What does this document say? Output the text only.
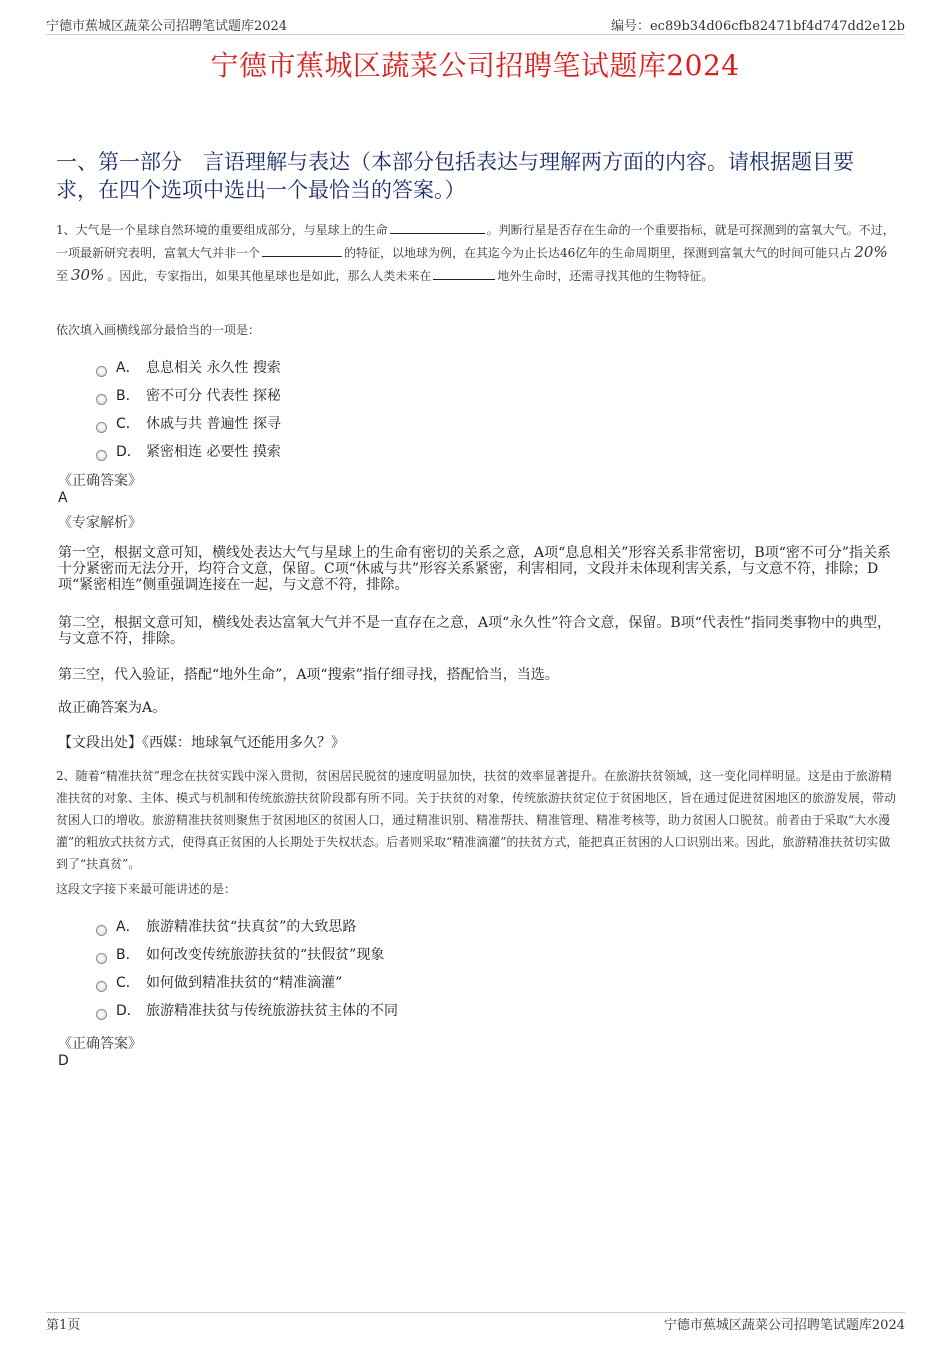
宁德市蕉城区蔬菜公司招聘笔试题库2024	编号：ec89b34d06cfb82471bf4d747dd2e12b
宁德市蕉城区蔬菜公司招聘笔试题库2024
一、第一部分　言语理解与表达（本部分包括表达与理解两方面的内容。请根据题目要求，在四个选项中选出一个最恰当的答案。）
1、大气是一个星球自然环境的重要组成部分，与星球上的生命	。判断行星是否存在生命的一个重要指标，就是可探测到的富氧大气。不过，一项最新研究表明，富氧大气并非一个	的特征，以地球为例，在其迄今为止长达46亿年的生命周期里，探测到富氧大气的时间可能只占 20%至 30% 。因此，专家指出，如果其他星球也是如此，那么人类未来在	地外生命时，还需寻找其他的生物特征。
依次填入画横线部分最恰当的一项是：
A． 息息相关 永久性 搜索
B． 密不可分 代表性 探秘
C． 休戚与共 普遍性 探寻
D． 紧密相连 必要性 摸索
《正确答案》
A
《专家解析》
第一空，根据文意可知，横线处表达大气与星球上的生命有密切的关系之意，A项“息息相关”形容关系非常密切，B项“密不可分”指关系十分紧密而无法分开，均符合文意，保留。C项“休戚与共”形容关系紧密，利害相同，文段并未体现利害关系，与文意不符，排除；D项“紧密相连”侧重强调连接在一起，与文意不符，排除。
第二空，根据文意可知，横线处表达富氧大气并不是一直存在之意，A项“永久性”符合文意，保留。B项“代表性”指同类事物中的典型，与文意不符，排除。
第三空，代入验证，搭配“地外生命”，A项“搜索”指仔细寻找，搭配恰当，当选。
故正确答案为A。
【文段出处】《西媒：地球氧气还能用多久？》
2、随着“精准扶贫”理念在扶贫实践中深入贯彻，贫困居民脱贫的速度明显加快，扶贫的效率显著提升。在旅游扶贫领域，这一变化同样明显。这是由于旅游精准扶贫的对象、主体、模式与机制和传统旅游扶贫阶段都有所不同。关于扶贫的对象，传统旅游扶贫定位于贫困地区，旨在通过促进贫困地区的旅游发展，带动贫困人口的增收。旅游精准扶贫则聚焦于贫困地区的贫困人口，通过精准识别、精准帮扶、精准管理、精准考核等，助力贫困人口脱贫。前者由于采取“大水漫灌”的粗放式扶贫方式，使得真正贫困的人长期处于失权状态。后者则采取“精准滴灌”的扶贫方式，能把真正贫困的人口识别出来。因此，旅游精准扶贫切实做到了“扶真贫”。
这段文字接下来最可能讲述的是：
A． 旅游精准扶贫“扶真贫”的大致思路
B． 如何改变传统旅游扶贫的“扶假贫”现象
C． 如何做到精准扶贫的“精准滴灌”
D． 旅游精准扶贫与传统旅游扶贫主体的不同
《正确答案》
D
第1页	宁德市蕉城区蔬菜公司招聘笔试题库2024
